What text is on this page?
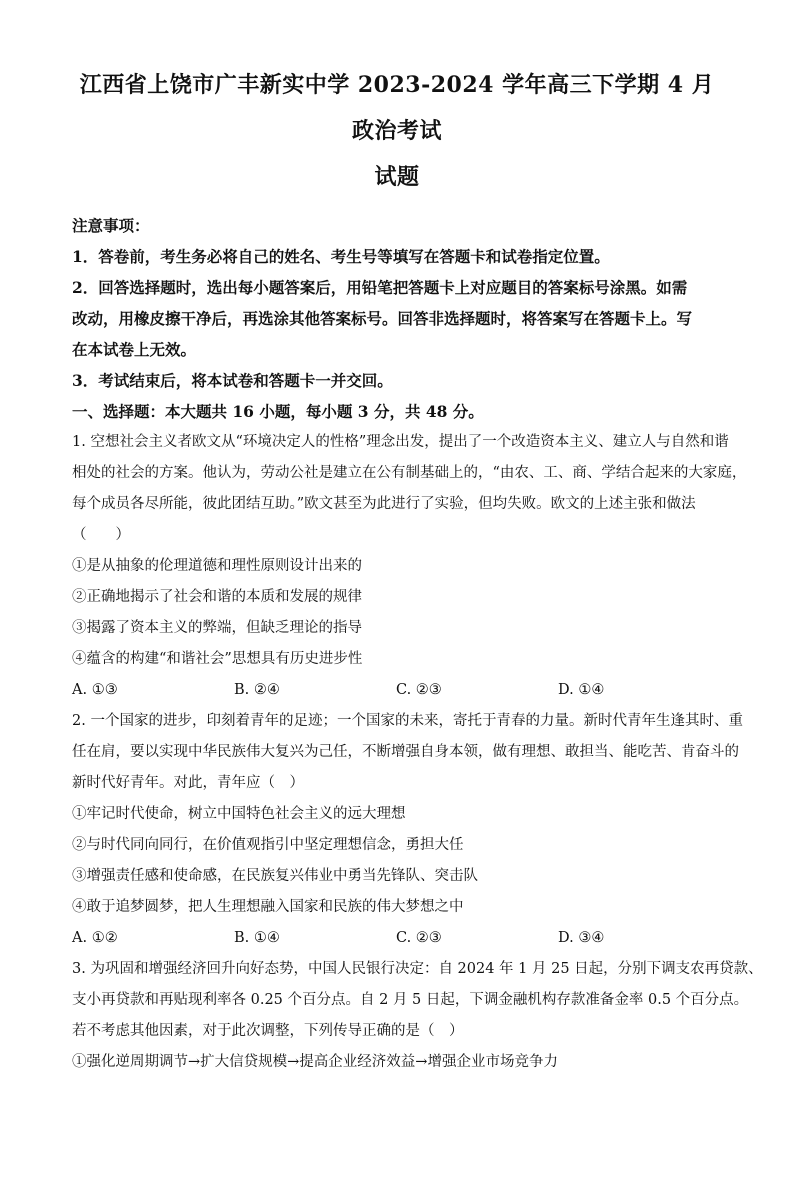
江西省上饶市广丰新实中学 2023-2024 学年高三下学期 4 月政治考试
试题
注意事项：
1．答卷前，考生务必将自己的姓名、考生号等填写在答题卡和试卷指定位置。
2．回答选择题时，选出每小题答案后，用铅笔把答题卡上对应题目的答案标号涂黑。如需
改动，用橡皮擦干净后，再选涂其他答案标号。回答非选择题时，将答案写在答题卡上。写
在本试卷上无效。
3．考试结束后，将本试卷和答题卡一并交回。
一、选择题：本大题共 16 小题，每小题 3 分，共 48 分。
1. 空想社会主义者欧文从“环境决定人的性格”理念出发，提出了一个改造资本主义、建立人与自然和谐
相处的社会的方案。他认为，劳动公社是建立在公有制基础上的，“由农、工、商、学结合起来的大家庭，
每个成员各尽所能，彼此团结互助。”欧文甚至为此进行了实验，但均失败。欧文的上述主张和做法
（　　）
①是从抽象的伦理道德和理性原则设计出来的
②正确地揭示了社会和谐的本质和发展的规律
③揭露了资本主义的弊端，但缺乏理论的指导
④蕴含的构建“和谐社会”思想具有历史进步性
A. ①③	B. ②④	C. ②③	D. ①④
2. 一个国家的进步，印刻着青年的足迹；一个国家的未来，寄托于青春的力量。新时代青年生逢其时、重
任在肩，要以实现中华民族伟大复兴为己任，不断增强自身本领，做有理想、敢担当、能吃苦、肯奋斗的
新时代好青年。对此，青年应（　）
①牢记时代使命，树立中国特色社会主义的远大理想
②与时代同向同行，在价值观指引中坚定理想信念，勇担大任
③增强责任感和使命感，在民族复兴伟业中勇当先锋队、突击队
④敢于追梦圆梦，把人生理想融入国家和民族的伟大梦想之中
A. ①②	B. ①④	C. ②③	D. ③④
3. 为巩固和增强经济回升向好态势，中国人民银行决定：自 2024 年 1 月 25 日起，分别下调支农再贷款、
支小再贷款和再贴现利率各 0.25 个百分点。自 2 月 5 日起，下调金融机构存款准备金率 0.5 个百分点。
若不考虑其他因素，对于此次调整，下列传导正确的是（　）
①强化逆周期调节→扩大信贷规模→提高企业经济效益→增强企业市场竞争力
